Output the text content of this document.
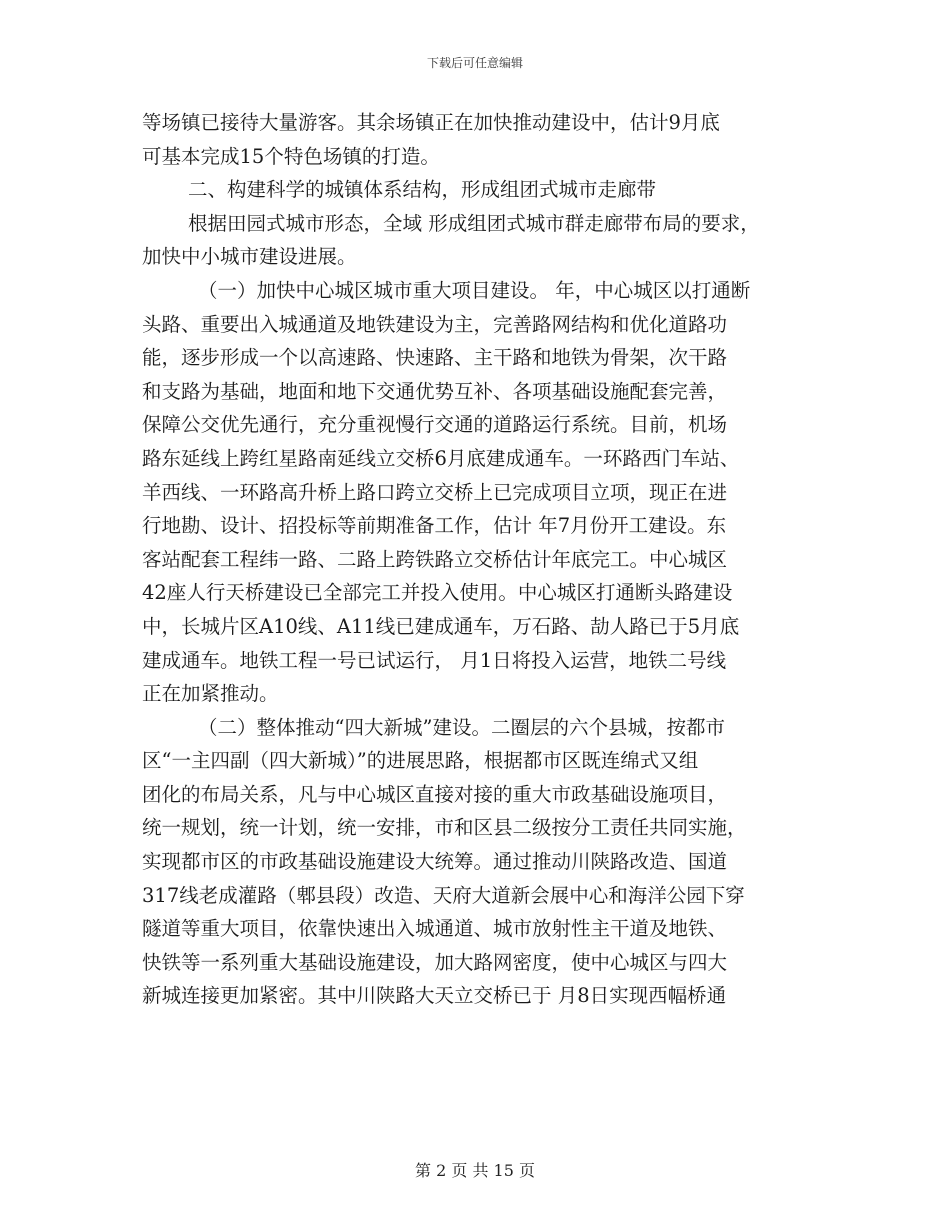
下载后可任意编辑
等场镇已接待大量游客。其余场镇正在加快推动建设中，估计9月底
可基本完成15个特色场镇的打造。
二、构建科学的城镇体系结构，形成组团式城市走廊带
根据田园式城市形态，全域 形成组团式城市群走廊带布局的要求，
加快中小城市建设进展。
（一）加快中心城区城市重大项目建设。 年，中心城区以打通断
头路、重要出入城通道及地铁建设为主，完善路网结构和优化道路功
能，逐步形成一个以高速路、快速路、主干路和地铁为骨架，次干路
和支路为基础，地面和地下交通优势互补、各项基础设施配套完善，
保障公交优先通行，充分重视慢行交通的道路运行系统。目前，机场
路东延线上跨红星路南延线立交桥6月底建成通车。一环路西门车站、
羊西线、一环路高升桥上路口跨立交桥上已完成项目立项，现正在进
行地勘、设计、招投标等前期准备工作，估计 年7月份开工建设。东
客站配套工程纬一路、二路上跨铁路立交桥估计年底完工。中心城区
42座人行天桥建设已全部完工并投入使用。中心城区打通断头路建设
中，长城片区A10线、A11线已建成通车，万石路、劼人路已于5月底
建成通车。地铁工程一号已试运行， 月1日将投入运营，地铁二号线
正在加紧推动。
（二）整体推动“四大新城”建设。二圈层的六个县城，按都市
区“一主四副（四大新城）”的进展思路，根据都市区既连绵式又组
团化的布局关系，凡与中心城区直接对接的重大市政基础设施项目，
统一规划，统一计划，统一安排，市和区县二级按分工责任共同实施，
实现都市区的市政基础设施建设大统筹。通过推动川陕路改造、国道
317线老成灌路（郫县段）改造、天府大道新会展中心和海洋公园下穿
隧道等重大项目，依靠快速出入城通道、城市放射性主干道及地铁、
快铁等一系列重大基础设施建设，加大路网密度，使中心城区与四大
新城连接更加紧密。其中川陕路大天立交桥已于 月8日实现西幅桥通
第 2 页 共 15 页
